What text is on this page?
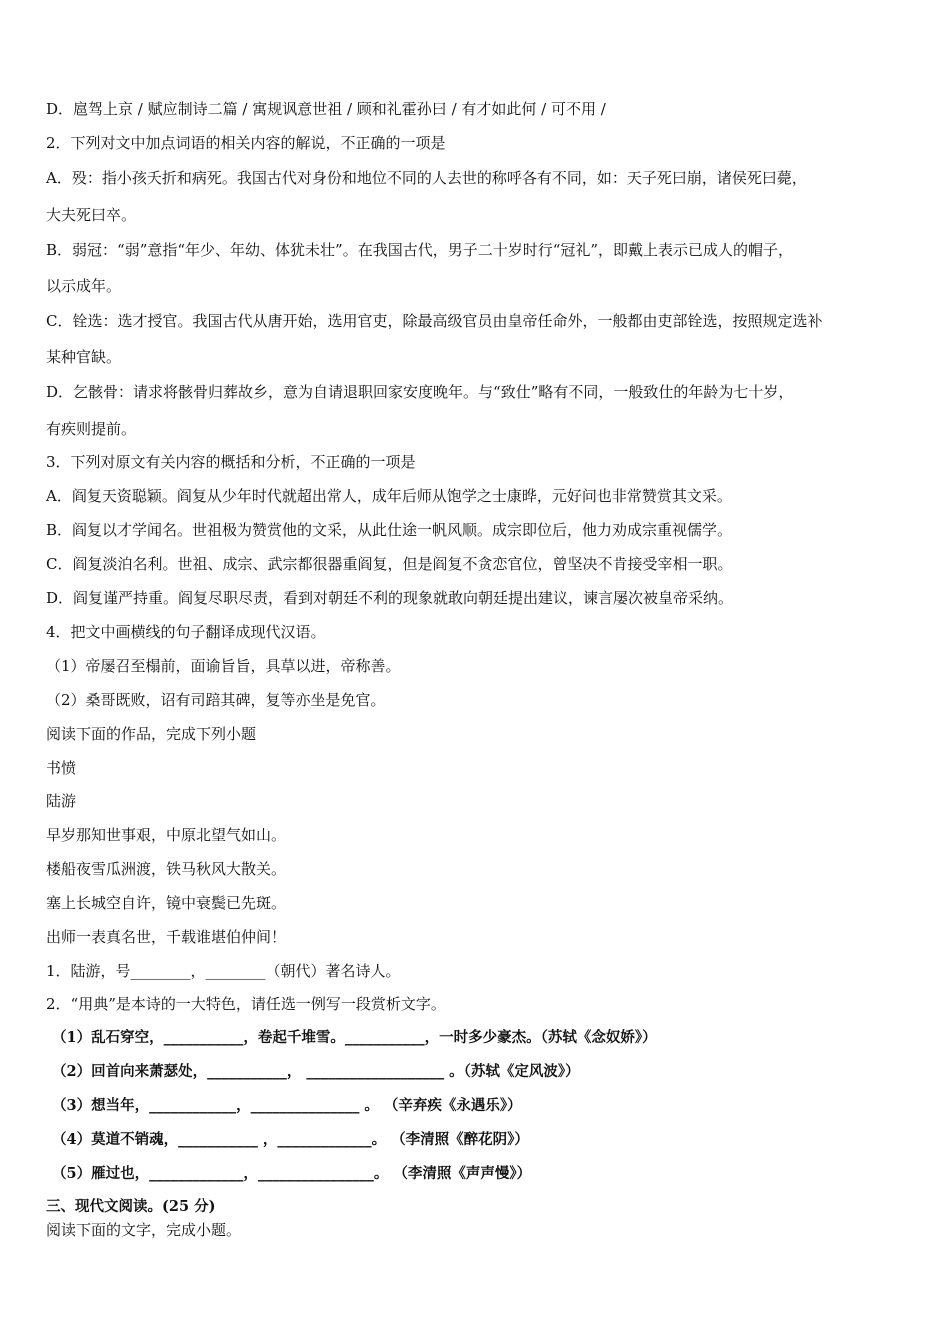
D．扈驾上京 / 赋应制诗二篇 / 寓规讽意世祖 / 顾和礼霍孙曰 / 有才如此何 / 可不用 /
2．下列对文中加点词语的相关内容的解说，不正确的一项是
A．殁：指小孩夭折和病死。我国古代对身份和地位不同的人去世的称呼各有不同，如：天子死曰崩，诸侯死曰薨，
大夫死曰卒。
B．弱冠：“弱”意指“年少、年幼、体犹未壮”。在我国古代，男子二十岁时行“冠礼”，即戴上表示已成人的帽子，
以示成年。
C．铨选：选才授官。我国古代从唐开始，选用官吏，除最高级官员由皇帝任命外，一般都由吏部铨选，按照规定选补
某种官缺。
D．乞骸骨：请求将骸骨归葬故乡，意为自请退职回家安度晚年。与“致仕”略有不同，一般致仕的年龄为七十岁，
有疾则提前。
3．下列对原文有关内容的概括和分析，不正确的一项是
A．阎复天资聪颖。阎复从少年时代就超出常人，成年后师从饱学之士康晔，元好问也非常赞赏其文采。
B．阎复以才学闻名。世祖极为赞赏他的文采，从此仕途一帆风顺。成宗即位后，他力劝成宗重视儒学。
C．阎复淡泊名利。世祖、成宗、武宗都很器重阎复，但是阎复不贪恋官位，曾坚决不肯接受宰相一职。
D．阎复谨严持重。阎复尽职尽责，看到对朝廷不利的现象就敢向朝廷提出建议，谏言屡次被皇帝采纳。
4．把文中画横线的句子翻译成现代汉语。
（1）帝屡召至榻前，面谕旨旨，具草以进，帝称善。
（2）桑哥既败，诏有司踣其碑，复等亦坐是免官。
阅读下面的作品，完成下列小题
书愤
陆游
早岁那知世事艰，中原北望气如山。
楼船夜雪瓜洲渡，铁马秋风大散关。
塞上长城空自许，镜中衰鬓已先斑。
出师一表真名世，千载谁堪伯仲间！
1．陆游，号________，________（朝代）著名诗人。
2．“用典”是本诗的一大特色，请任选一例写一段赏析文字。
（1）乱石穿空，___________，卷起千堆雪。___________，一时多少豪杰。（苏轼《念奴娇》）
（2）回首向来萧瑟处，___________， ___________________ 。（苏轼《定风波》）
（3）想当年，____________，_______________ 。 （辛弃疾《永遇乐》）
（4）莫道不销魂，___________ ，_____________。 （李清照《醉花阴》）
（5）雁过也，_____________，________________。 （李清照《声声慢》）
三、现代文阅读。(25 分)
阅读下面的文字，完成小题。
